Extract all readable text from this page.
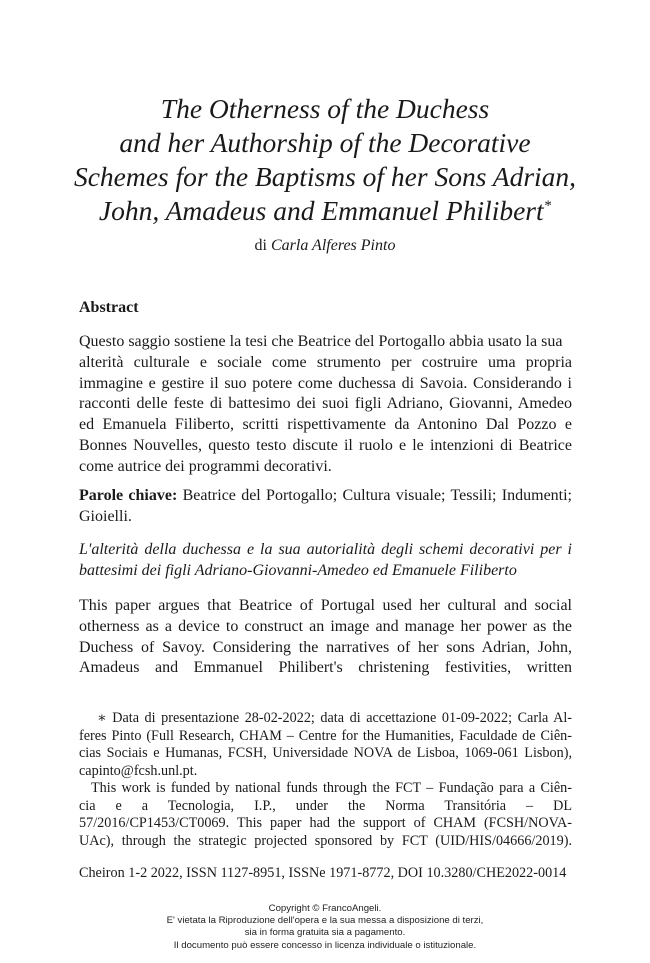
The Otherness of the Duchess
and her Authorship of the Decorative
Schemes for the Baptisms of her Sons Adrian,
John, Amadeus and Emmanuel Philibert*
di Carla Alferes Pinto
Abstract

Questo saggio sostiene la tesi che Beatrice del Portogallo abbia usato la sua
alterità culturale e sociale come strumento per costruire uma propria
immagine e gestire il suo potere come duchessa di Savoia. Considerando i
racconti delle feste di battesimo dei suoi figli Adriano, Giovanni, Amedeo
ed Emanuela Filiberto, scritti rispettivamente da Antonino Dal Pozzo e
Bonnes Nouvelles, questo testo discute il ruolo e le intenzioni di Beatrice
come autrice dei programmi decorativi.

Parole chiave: Beatrice del Portogallo; Cultura visuale; Tessili; Indumenti;
Gioielli.

L'alterità della duchessa e la sua autorialità degli schemi decorativi per i
battesimi dei figli Adriano-Giovanni-Amedeo ed Emanuele Filiberto

This paper argues that Beatrice of Portugal used her cultural and social
otherness as a device to construct an image and manage her power as the
Duchess of Savoy. Considering the narratives of her sons Adrian, John,
Amadeus and Emmanuel Philibert's christening festivities, written

∗ Data di presentazione 28-02-2022; data di accettazione 01-09-2022; Carla Al-
feres Pinto (Full Research, CHAM – Centre for the Humanities, Faculdade de Ciên-
cias Sociais e Humanas, FCSH, Universidade NOVA de Lisboa, 1069-061 Lisbon),
capinto@fcsh.unl.pt.

This work is funded by national funds through the FCT – Fundação para a Ciên-
cia e a Tecnologia, I.P., under the Norma Transitória – DL
57/2016/CP1453/CT0069. This paper had the support of CHAM (FCSH/NOVA-
UAc), through the strategic projected sponsored by FCT (UID/HIS/04666/2019).

Cheiron 1-2 2022, ISSN 1127-8951, ISSNe 1971-8772, DOI 10.3280/CHE2022-0014

Copyright © FrancoAngeli.
E' vietata la Riproduzione dell'opera e la sua messa a disposizione di terzi,
sia in forma gratuita sia a pagamento.
Il documento può essere concesso in licenza individuale o istituzionale.
